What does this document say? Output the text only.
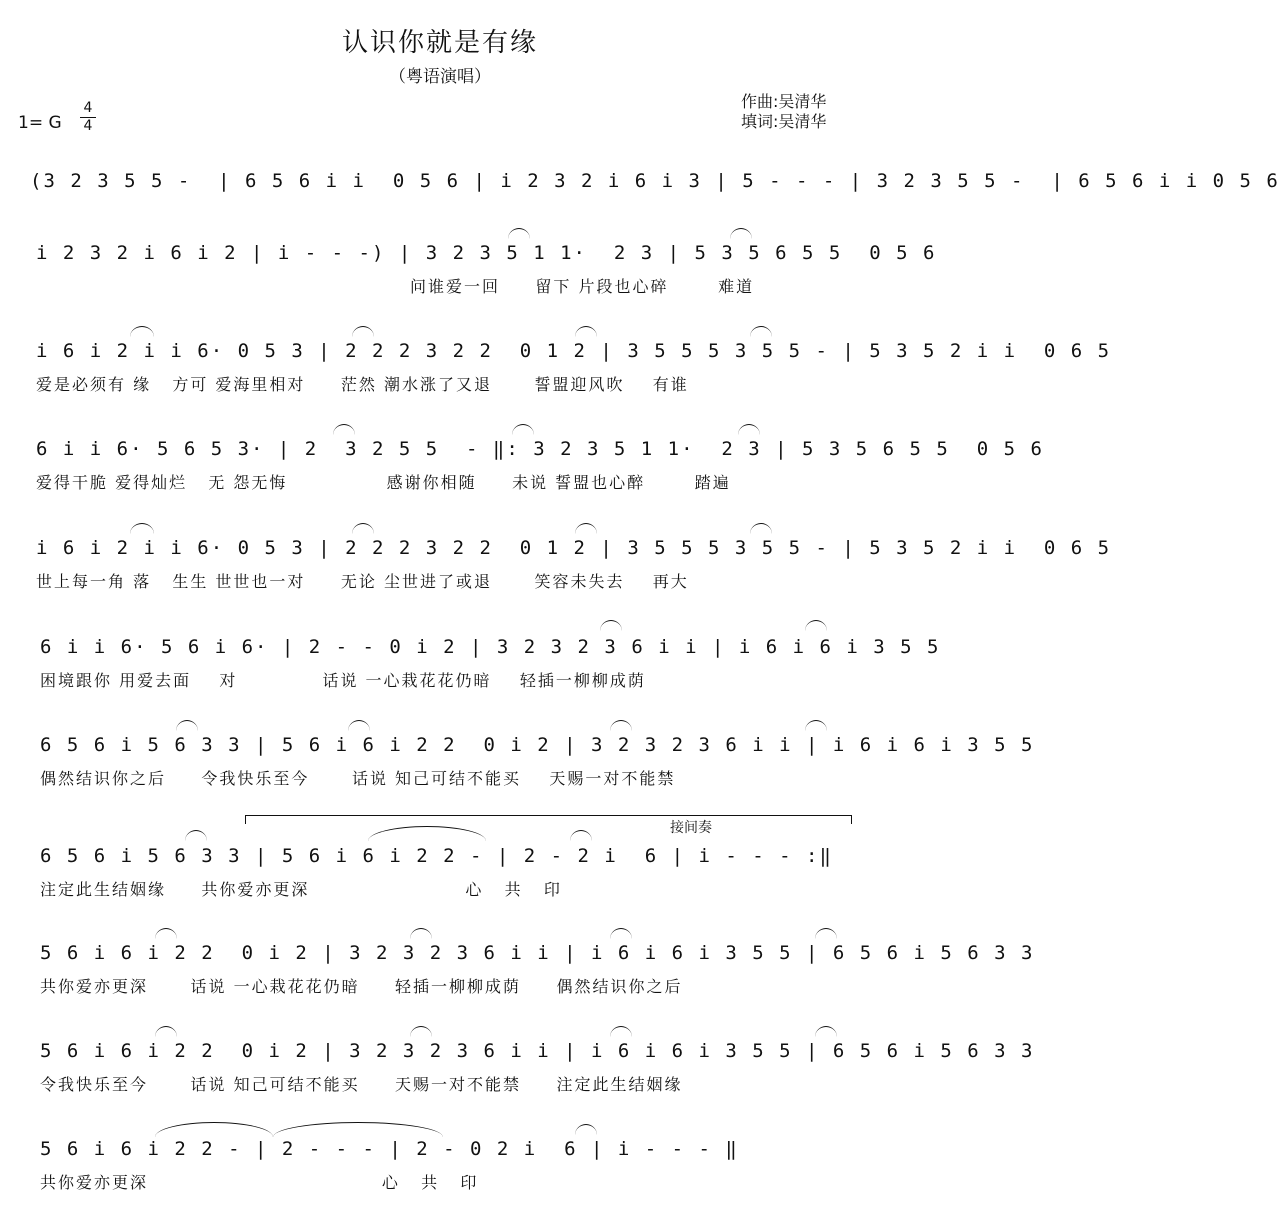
认识你就是有缘
（粤语演唱）
1= G
4
4
作曲:吴清华
填词:吴清华
接间奏
(3 2 3 5 5 -  | 6 5 6 i i  0 5 6 | i 2 3 2 i 6 i 3 | 5 - - - | 3 2 3 5 5 -  | 6 5 6 i i 0 5 6
i 2 3 2 i 6 i 2 | i - - -) | 3 2 3 5 1 1·  2 3 | 5 3 5 6 5 5  0 5 6
问谁爱一回     留下 片段也心碎       难道
i 6 i 2 i i 6· 0 5 3 | 2 2 2 3 2 2  0 1 2 | 3 5 5 5 3 5 5 - | 5 3 5 2 i i  0 6 5
爱是必须有 缘   方可 爱海里相对     茫然 潮水涨了又退      誓盟迎风吹    有谁
6 i i 6· 5 6 5 3· | 2  3 2 5 5  - ‖: 3 2 3 5 1 1·  2 3 | 5 3 5 6 5 5  0 5 6
爱得干脆 爱得灿烂   无 怨无悔              感谢你相随     未说 誓盟也心醉       踏遍
i 6 i 2 i i 6· 0 5 3 | 2 2 2 3 2 2  0 1 2 | 3 5 5 5 3 5 5 - | 5 3 5 2 i i  0 6 5
世上每一角 落   生生 世世也一对     无论 尘世进了或退      笑容未失去    再大
6 i i 6· 5 6 i 6· | 2 - - 0 i 2 | 3 2 3 2 3 6 i i | i 6 i 6 i 3 5 5
困境跟你 用爱去面    对            话说 一心栽花花仍暗    轻插一柳柳成荫
6 5 6 i 5 6 3 3 | 5 6 i 6 i 2 2  0 i 2 | 3 2 3 2 3 6 i i | i 6 i 6 i 3 5 5
偶然结识你之后     令我快乐至今      话说 知己可结不能买    天赐一对不能禁
6 5 6 i 5 6 3 3 | 5 6 i 6 i 2 2 - | 2 - 2 i  6 | i - - - :‖
注定此生结姻缘     共你爱亦更深                      心   共   印
5 6 i 6 i 2 2  0 i 2 | 3 2 3 2 3 6 i i | i 6 i 6 i 3 5 5 | 6 5 6 i 5 6 3 3
共你爱亦更深      话说 一心栽花花仍暗     轻插一柳柳成荫     偶然结识你之后
5 6 i 6 i 2 2  0 i 2 | 3 2 3 2 3 6 i i | i 6 i 6 i 3 5 5 | 6 5 6 i 5 6 3 3
令我快乐至今      话说 知己可结不能买     天赐一对不能禁     注定此生结姻缘
5 6 i 6 i 2 2 - | 2 - - - | 2 - 0 2 i  6 | i - - - ‖
共你爱亦更深                                 心   共   印
